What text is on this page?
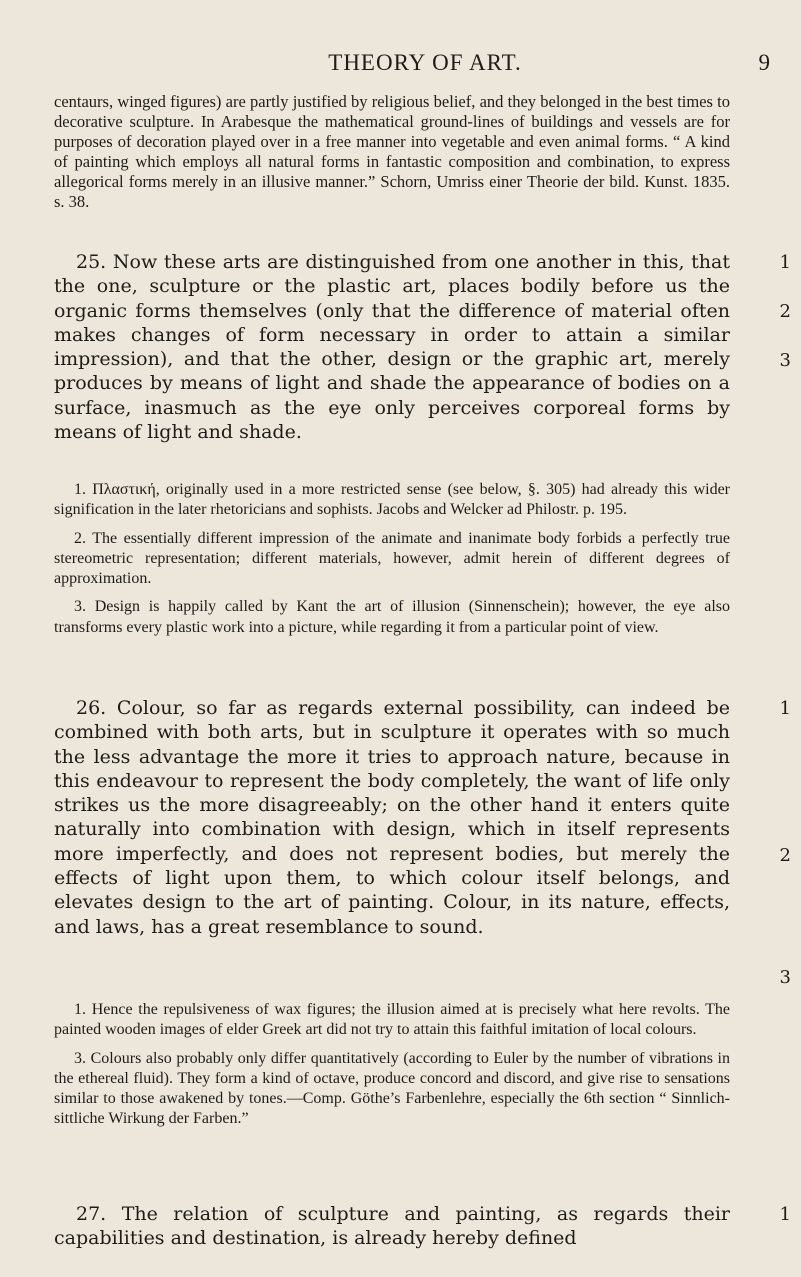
THEORY OF ART.	9

centaurs, winged figures) are partly justified by religious belief, and they belonged in the best times to decorative sculpture. In Arabesque the mathematical ground-lines of buildings and vessels are for purposes of decoration played over in a free manner into vegetable and even animal forms. “ A kind of painting which employs all natural forms in fantastic composition and combination, to express allegorical forms merely in an illusive manner.” Schorn, Umriss einer Theorie der bild. Kunst. 1835. s. 38.

25. Now these arts are distinguished from one another in this, that the one, sculpture or the plastic art, places bodily before us the organic forms themselves (only that the difference of material often makes changes of form necessary in order to attain a similar impression), and that the other, design or the graphic art, merely produces by means of light and shade the appearance of bodies on a surface, inasmuch as the eye only perceives corporeal forms by means of light and shade.

1
2
3

1. Πλαστική, originally used in a more restricted sense (see below, §. 305) had already this wider signification in the later rhetoricians and sophists. Jacobs and Welcker ad Philostr. p. 195.

2. The essentially different impression of the animate and inanimate body forbids a perfectly true stereometric representation; different materials, however, admit herein of different degrees of approximation.

3. Design is happily called by Kant the art of illusion (Sinnenschein); however, the eye also transforms every plastic work into a picture, while regarding it from a particular point of view.

26. Colour, so far as regards external possibility, can indeed be combined with both arts, but in sculpture it operates with so much the less advantage the more it tries to approach nature, because in this endeavour to represent the body completely, the want of life only strikes us the more disagreeably; on the other hand it enters quite naturally into combination with design, which in itself represents more imperfectly, and does not represent bodies, but merely the effects of light upon them, to which colour itself belongs, and elevates design to the art of painting. Colour, in its nature, effects, and laws, has a great resemblance to sound.

1
2
3

1. Hence the repulsiveness of wax figures; the illusion aimed at is precisely what here revolts. The painted wooden images of elder Greek art did not try to attain this faithful imitation of local colours.

3. Colours also probably only differ quantitatively (according to Euler by the number of vibrations in the ethereal fluid). They form a kind of octave, produce concord and discord, and give rise to sensations similar to those awakened by tones.—Comp. Göthe’s Farbenlehre, especially the 6th section “ Sinnlich-sittliche Wirkung der Farben.”

27. The relation of sculpture and painting, as regards their capabilities and destination, is already hereby defined

1
